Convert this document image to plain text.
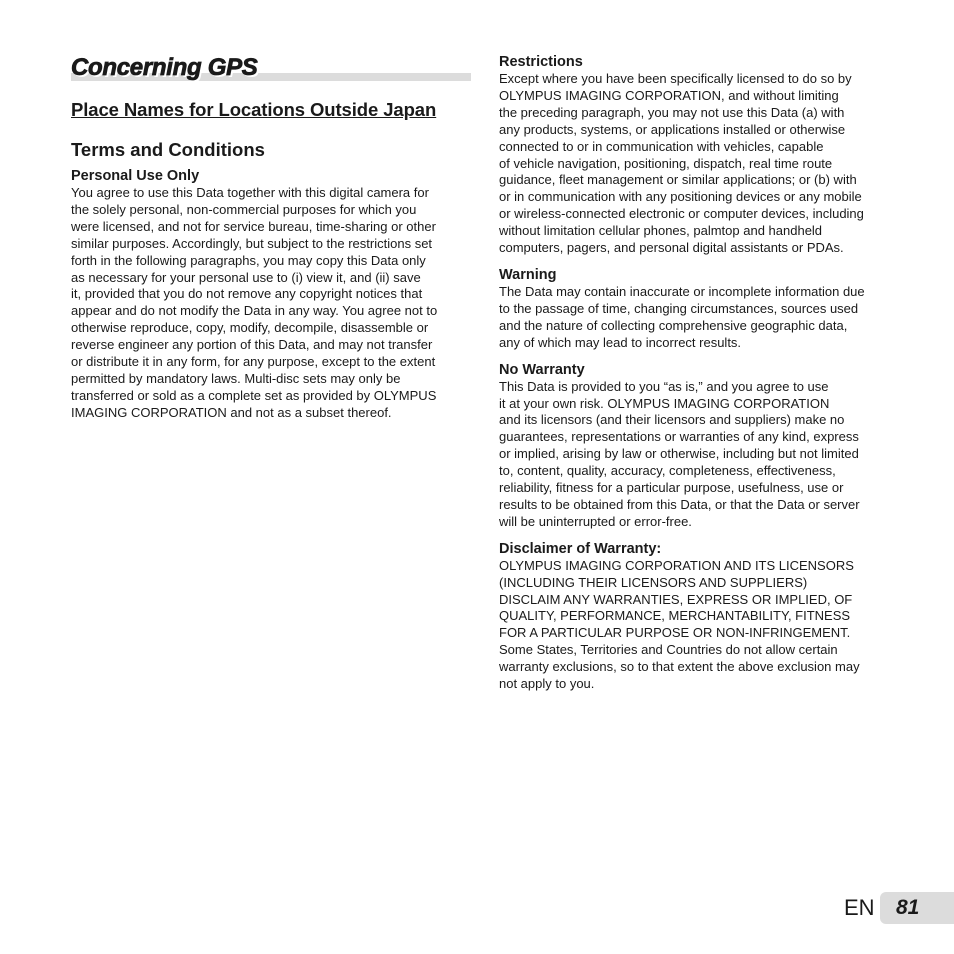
Concerning GPS
Place Names for Locations Outside Japan
Terms and Conditions
Personal Use Only
You agree to use this Data together with this digital camera for
the solely personal, non-commercial purposes for which you
were licensed, and not for service bureau, time-sharing or other
similar purposes. Accordingly, but subject to the restrictions set
forth in the following paragraphs, you may copy this Data only
as necessary for your personal use to (i) view it, and (ii) save
it, provided that you do not remove any copyright notices that
appear and do not modify the Data in any way. You agree not to
otherwise reproduce, copy, modify, decompile, disassemble or
reverse engineer any portion of this Data, and may not transfer
or distribute it in any form, for any purpose, except to the extent
permitted by mandatory laws. Multi-disc sets may only be
transferred or sold as a complete set as provided by OLYMPUS
IMAGING CORPORATION and not as a subset thereof.
Restrictions
Except where you have been specifically licensed to do so by
OLYMPUS IMAGING CORPORATION, and without limiting
the preceding paragraph, you may not use this Data (a) with
any products, systems, or applications installed or otherwise
connected to or in communication with vehicles, capable
of vehicle navigation, positioning, dispatch, real time route
guidance, fleet management or similar applications; or (b) with
or in communication with any positioning devices or any mobile
or wireless-connected electronic or computer devices, including
without limitation cellular phones, palmtop and handheld
computers, pagers, and personal digital assistants or PDAs.
Warning
The Data may contain inaccurate or incomplete information due
to the passage of time, changing circumstances, sources used
and the nature of collecting comprehensive geographic data,
any of which may lead to incorrect results.
No Warranty
This Data is provided to you “as is,” and you agree to use
it at your own risk. OLYMPUS IMAGING CORPORATION
and its licensors (and their licensors and suppliers) make no
guarantees, representations or warranties of any kind, express
or implied, arising by law or otherwise, including but not limited
to, content, quality, accuracy, completeness, effectiveness,
reliability, fitness for a particular purpose, usefulness, use or
results to be obtained from this Data, or that the Data or server
will be uninterrupted or error-free.
Disclaimer of Warranty:
OLYMPUS IMAGING CORPORATION AND ITS LICENSORS
(INCLUDING THEIR LICENSORS AND SUPPLIERS)
DISCLAIM ANY WARRANTIES, EXPRESS OR IMPLIED, OF
QUALITY, PERFORMANCE, MERCHANTABILITY, FITNESS
FOR A PARTICULAR PURPOSE OR NON-INFRINGEMENT.
Some States, Territories and Countries do not allow certain
warranty exclusions, so to that extent the above exclusion may
not apply to you.
EN 81
